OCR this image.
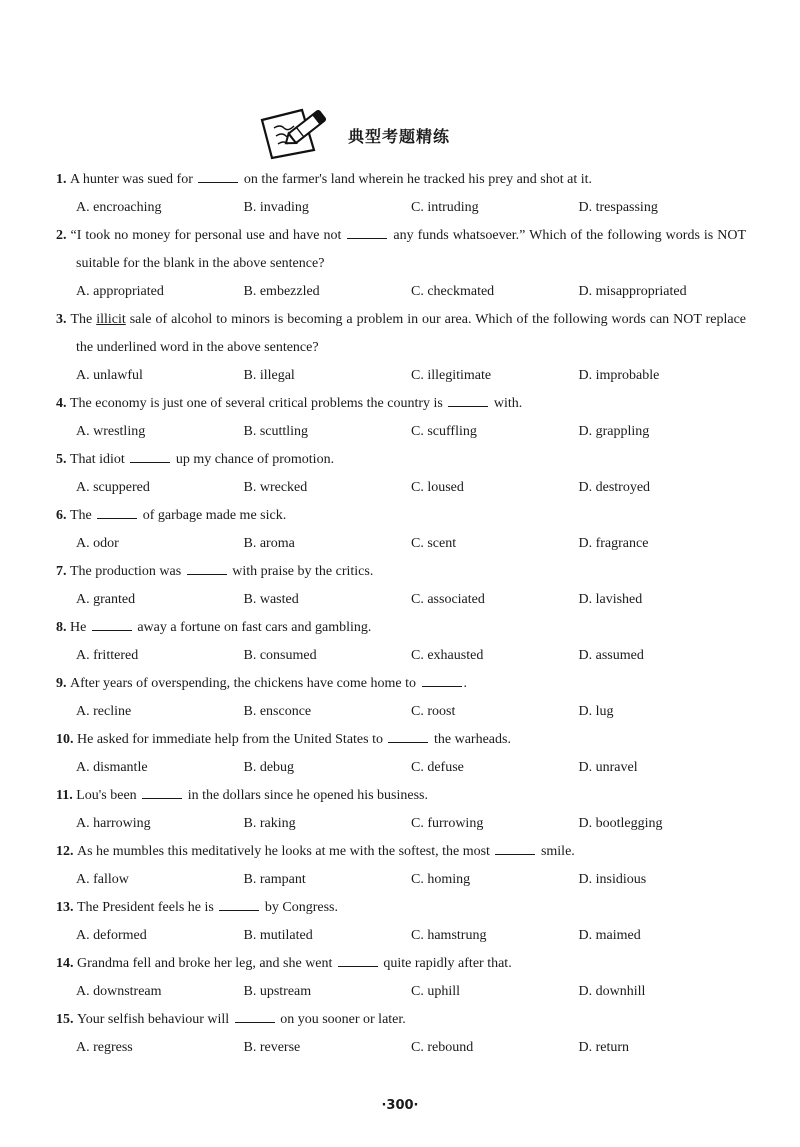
典型考题精练
1. A hunter was sued for	on the farmer's land wherein he tracked his prey and shot at it.
A. encroaching	B. invading	C. intruding	D. trespassing
2. “I took no money for personal use and have not	any funds whatsoever.” Which of the following words is NOT suitable for the blank in the above sentence?
A. appropriated	B. embezzled	C. checkmated	D. misappropriated
3. The illicit sale of alcohol to minors is becoming a problem in our area. Which of the following words can NOT replace the underlined word in the above sentence?
A. unlawful	B. illegal	C. illegitimate	D. improbable
4. The economy is just one of several critical problems the country is	with.
A. wrestling	B. scuttling	C. scuffling	D. grappling
5. That idiot	up my chance of promotion.
A. scuppered	B. wrecked	C. loused	D. destroyed
6. The	of garbage made me sick.
A. odor	B. aroma	C. scent	D. fragrance
7. The production was	with praise by the critics.
A. granted	B. wasted	C. associated	D. lavished
8. He	away a fortune on fast cars and gambling.
A. frittered	B. consumed	C. exhausted	D. assumed
9. After years of overspending, the chickens have come home to	.
A. recline	B. ensconce	C. roost	D. lug
10. He asked for immediate help from the United States to	the warheads.
A. dismantle	B. debug	C. defuse	D. unravel
11. Lou's been	in the dollars since he opened his business.
A. harrowing	B. raking	C. furrowing	D. bootlegging
12. As he mumbles this meditatively he looks at me with the softest, the most	smile.
A. fallow	B. rampant	C. homing	D. insidious
13. The President feels he is	by Congress.
A. deformed	B. mutilated	C. hamstrung	D. maimed
14. Grandma fell and broke her leg, and she went	quite rapidly after that.
A. downstream	B. upstream	C. uphill	D. downhill
15. Your selfish behaviour will	on you sooner or later.
A. regress	B. reverse	C. rebound	D. return
·300·
